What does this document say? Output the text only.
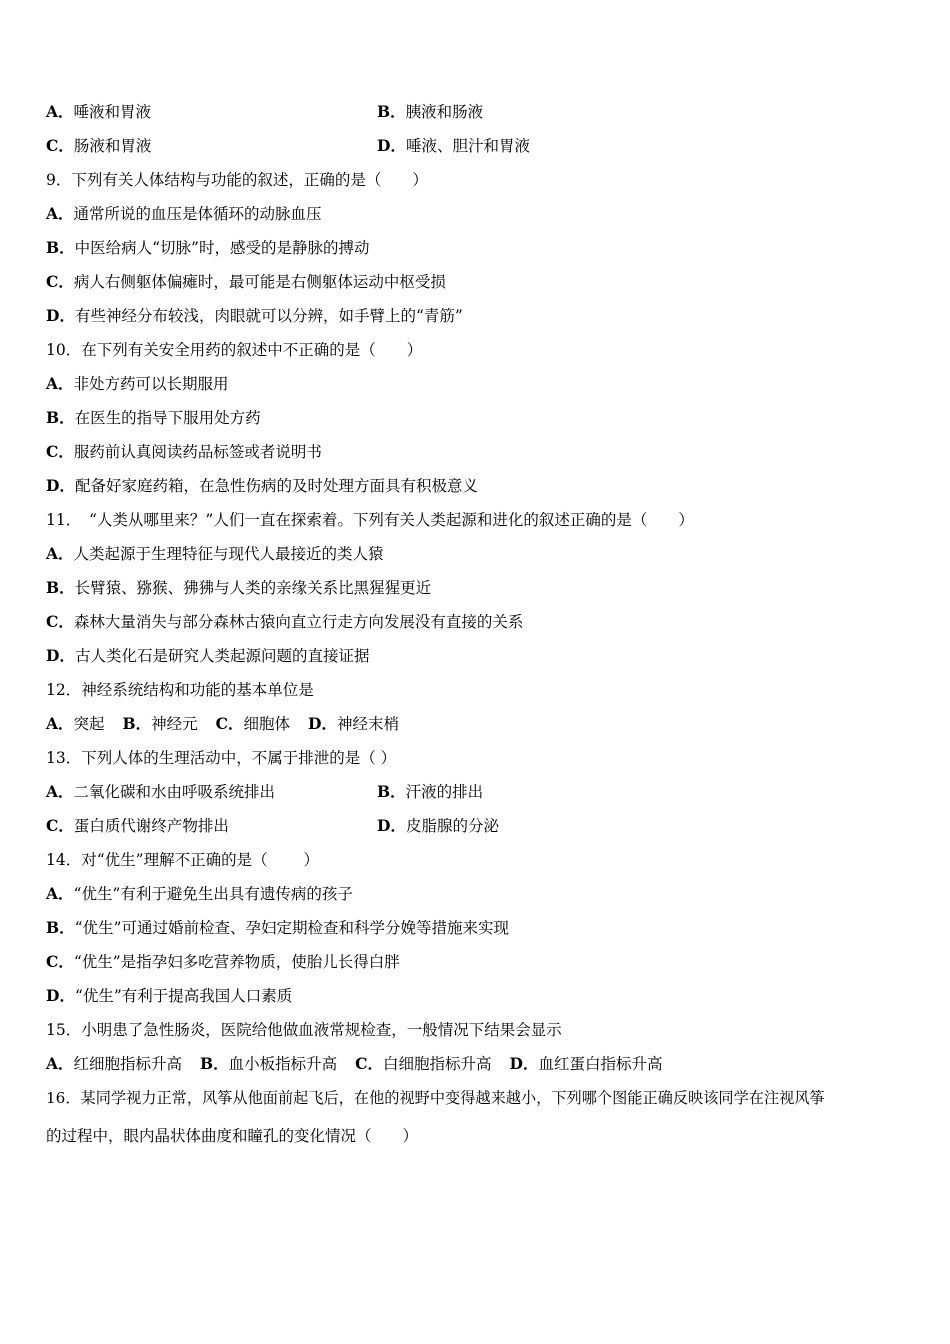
A．唾液和胃液	B．胰液和肠液
C．肠液和胃液	D．唾液、胆汁和胃液
9．下列有关人体结构与功能的叙述，正确的是（　　）
A．通常所说的血压是体循环的动脉血压
B．中医给病人“切脉”时，感受的是静脉的搏动
C．病人右侧躯体偏瘫时，最可能是右侧躯体运动中枢受损
D．有些神经分布较浅，肉眼就可以分辨，如手臂上的“青筋”
10．在下列有关安全用药的叙述中不正确的是（　　）
A．非处方药可以长期服用
B．在医生的指导下服用处方药
C．服药前认真阅读药品标签或者说明书
D．配备好家庭药箱，在急性伤病的及时处理方面具有积极意义
11．　“人类从哪里来？”人们一直在探索着。下列有关人类起源和进化的叙述正确的是（　　）
A．人类起源于生理特征与现代人最接近的类人猿
B．长臂猿、猕猴、狒狒与人类的亲缘关系比黑猩猩更近
C．森林大量消失与部分森林古猿向直立行走方向发展没有直接的关系
D．古人类化石是研究人类起源问题的直接证据
12．神经系统结构和功能的基本单位是
A．突起 B．神经元 C．细胞体 D．神经末梢
13．下列人体的生理活动中，不属于排泄的是（ ）
A．二氧化碳和水由呼吸系统排出	B．汗液的排出
C．蛋白质代谢终产物排出	D．皮脂腺的分泌
14．对“优生”理解不正确的是（　　 ）
A．“优生”有利于避免生出具有遗传病的孩子
B．“优生”可通过婚前检查、孕妇定期检查和科学分娩等措施来实现
C．“优生”是指孕妇多吃营养物质，使胎儿长得白胖
D．“优生”有利于提高我国人口素质
15．小明患了急性肠炎，医院给他做血液常规检查，一般情况下结果会显示
A．红细胞指标升高 B．血小板指标升高 C．白细胞指标升高 D．血红蛋白指标升高
16．某同学视力正常，风筝从他面前起飞后，在他的视野中变得越来越小，下列哪个图能正确反映该同学在注视风筝
的过程中，眼内晶状体曲度和瞳孔的变化情况（　　）
